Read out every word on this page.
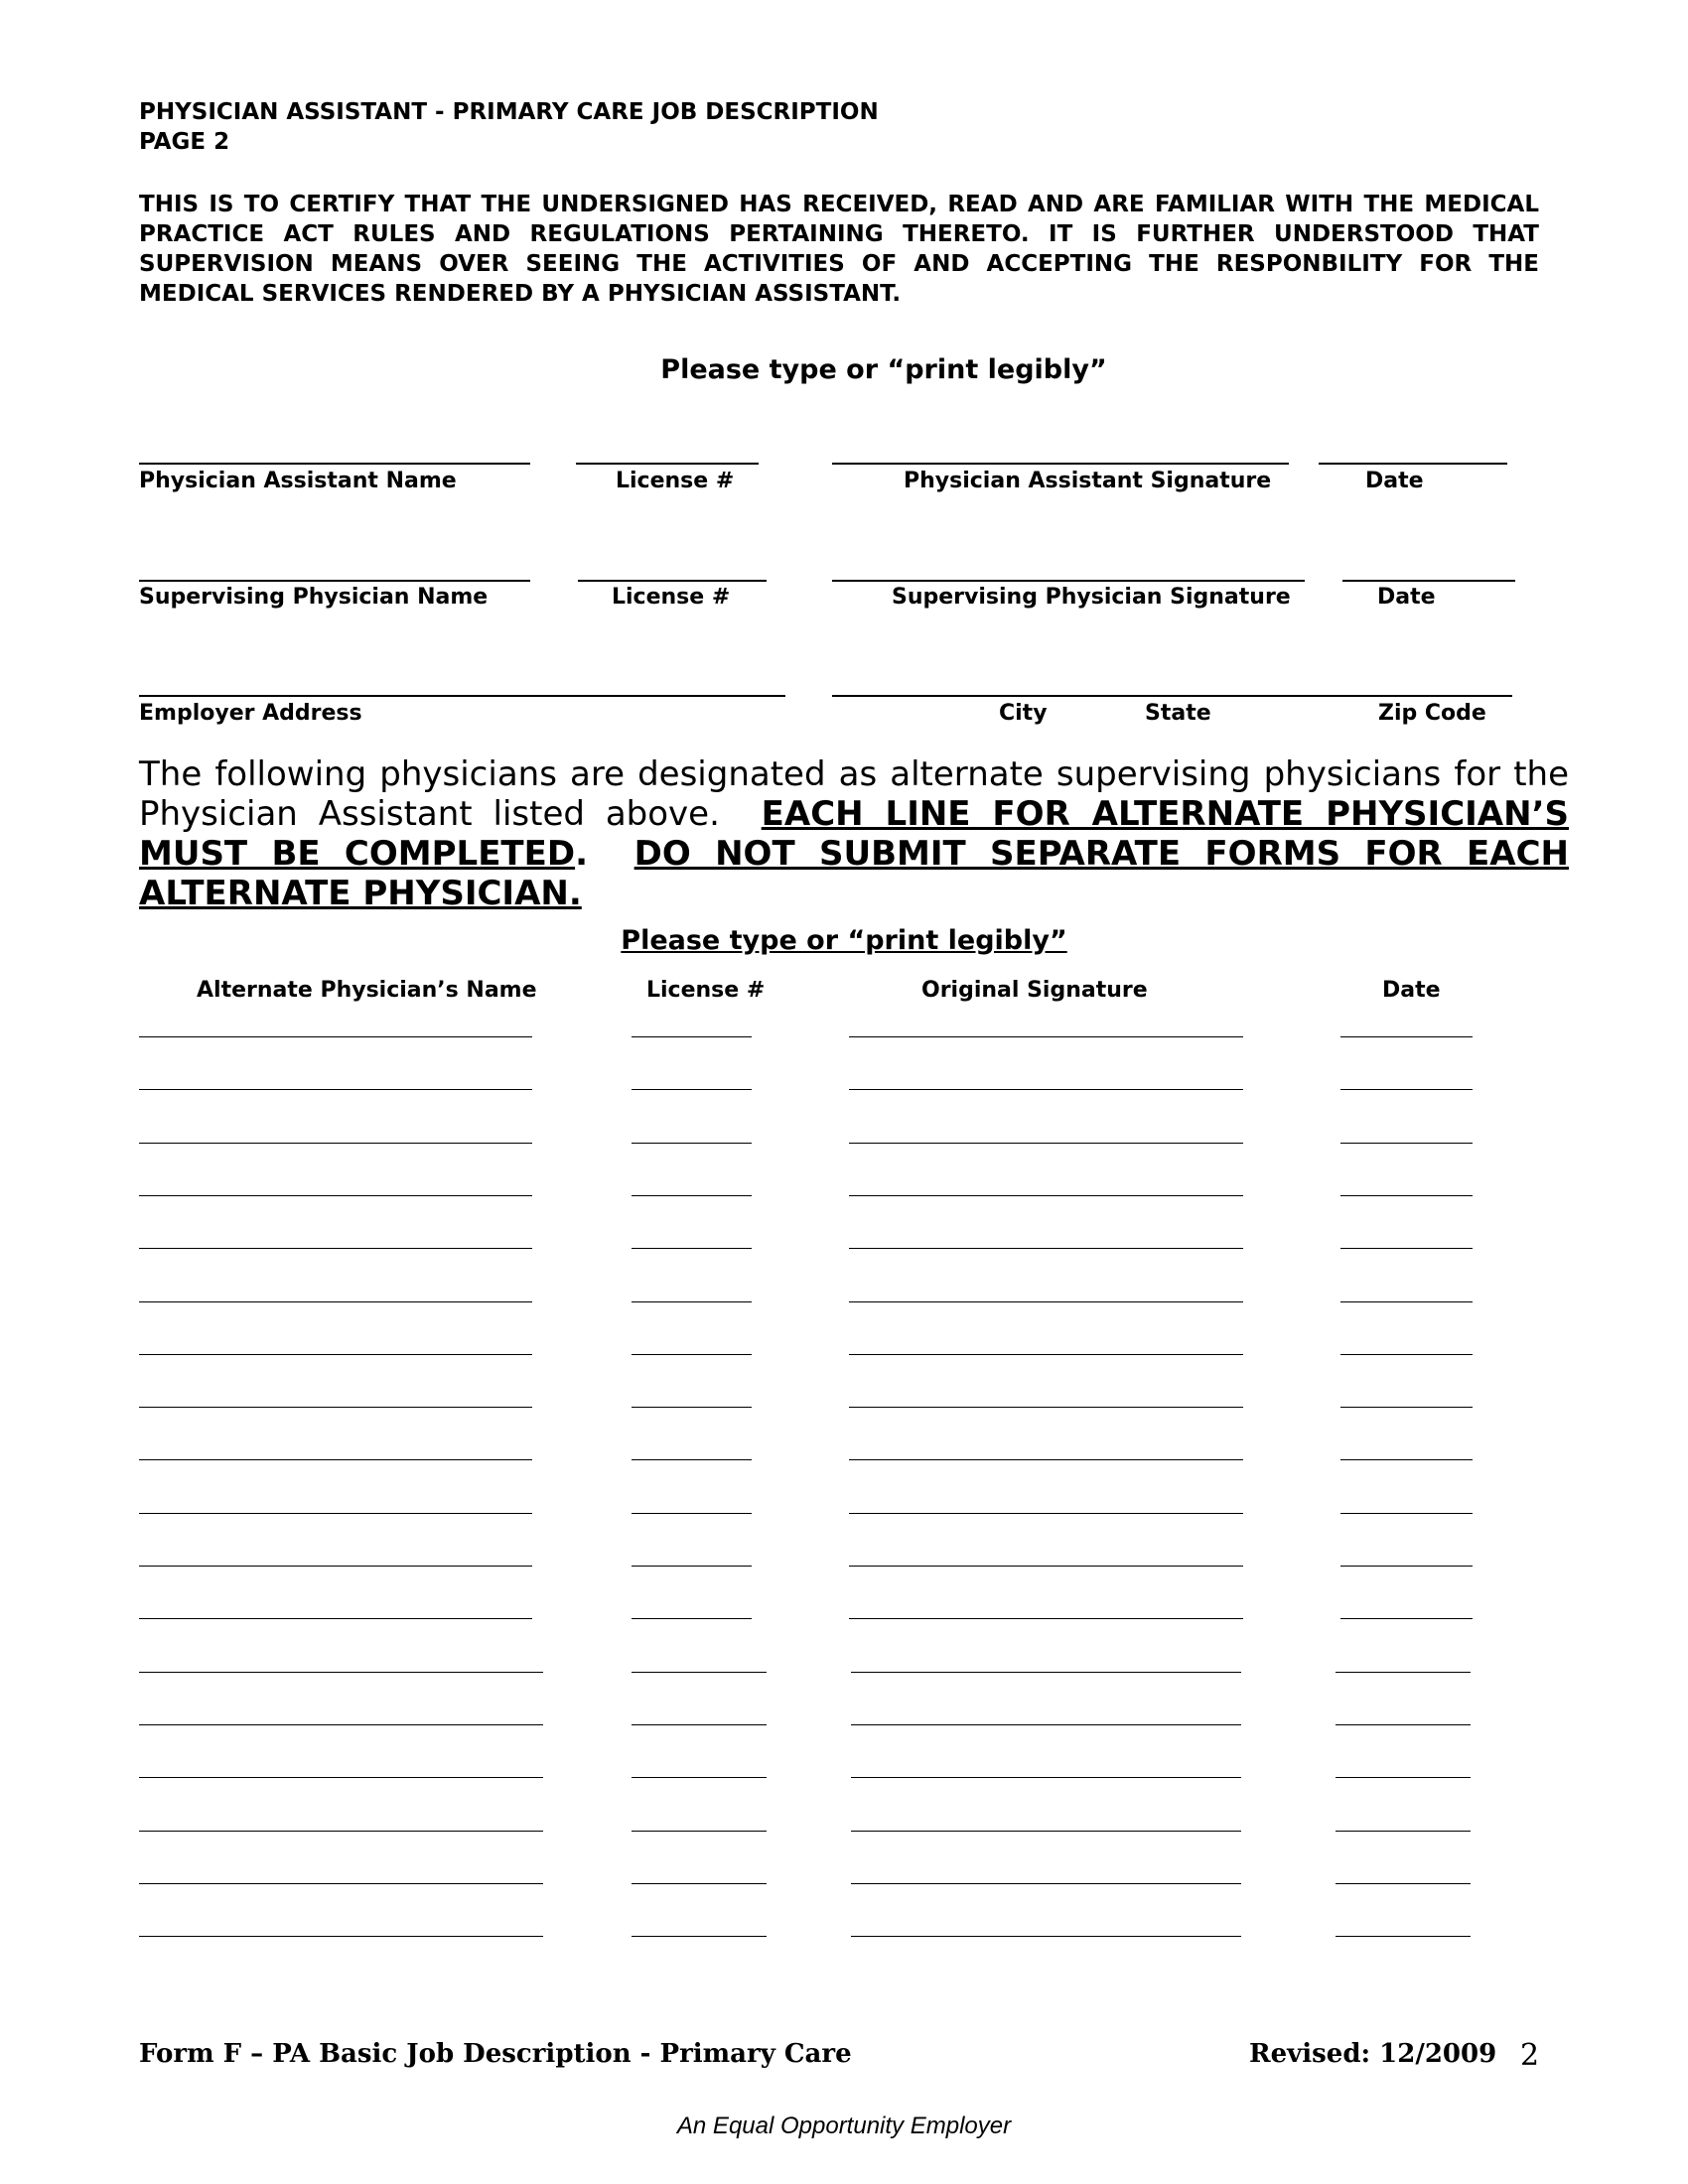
PHYSICIAN ASSISTANT - PRIMARY CARE JOB DESCRIPTION
PAGE 2
THIS IS TO CERTIFY THAT THE UNDERSIGNED HAS RECEIVED, READ AND ARE FAMILIAR WITH THE MEDICAL PRACTICE ACT RULES AND REGULATIONS PERTAINING THERETO. IT IS FURTHER UNDERSTOOD THAT SUPERVISION MEANS OVER SEEING THE ACTIVITIES OF AND ACCEPTING THE RESPONBILITY FOR THE MEDICAL SERVICES RENDERED BY A PHYSICIAN ASSISTANT.
Please type or “print legibly”
Physician Assistant Name	License #	Physician Assistant Signature	Date
Supervising Physician Name	License #	Supervising Physician Signature	Date
Employer Address	City	State	Zip Code
The following physicians are designated as alternate supervising physicians for the Physician Assistant listed above. EACH LINE FOR ALTERNATE PHYSICIAN’S MUST BE COMPLETED. DO NOT SUBMIT SEPARATE FORMS FOR EACH ALTERNATE PHYSICIAN.
Please type or “print legibly”
Alternate Physician’s Name	License #	Original Signature	Date
Form F – PA Basic Job Description - Primary Care	Revised: 12/2009 2
An Equal Opportunity Employer
